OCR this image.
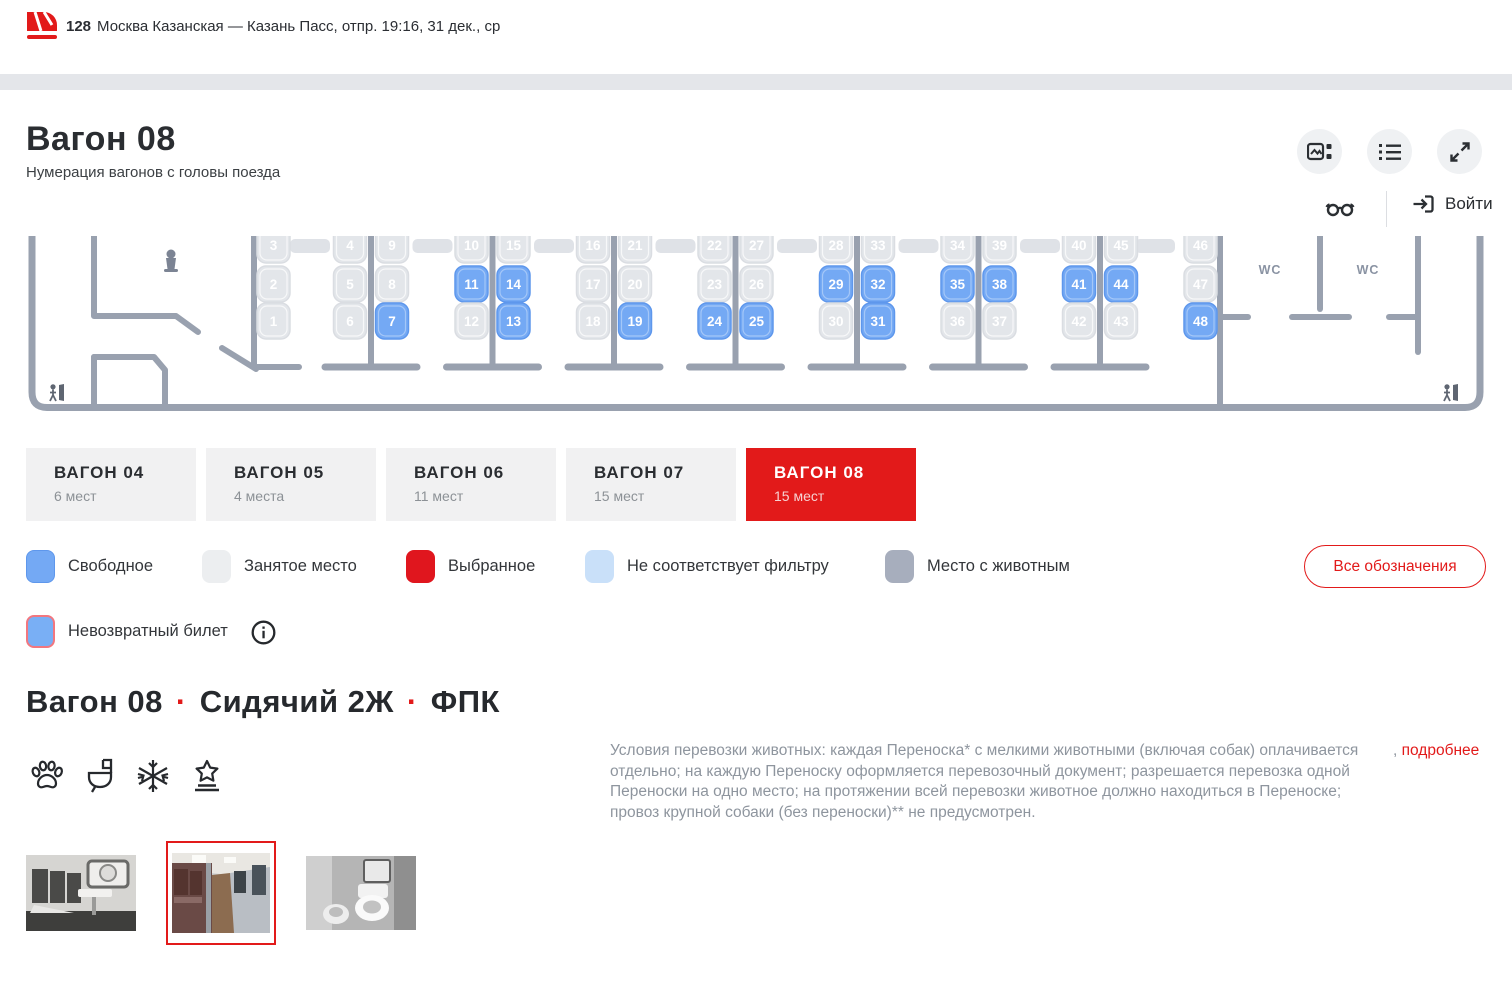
128 Москва Казанская — Казань Пасс, отпр. 19:16, 31 дек., ср
Вагон 08
Нумерация вагонов с головы поезда
Войти
3
2
1
4
5
6
9
8
7
10
11
12
15
14
13
16
17
18
21
20
19
22
23
24
27
26
25
28
29
30
33
32
31
34
35
36
39
38
37
40
41
42
45
44
43
46
47
48
WC	WC
ВАГОН 04
6 мест
ВАГОН 05
4 места
ВАГОН 06
11 мест
ВАГОН 07
15 мест
ВАГОН 08
15 мест
Свободное	Занятое место	Выбранное	Не соответствует фильтру	Место с животным	Все обозначения
Невозвратный билет
Вагон 08 · Сидячий 2Ж · ФПК
Условия перевозки животных: каждая Переноска* с мелкими животными (включая собак) оплачивается отдельно; на каждую Переноску оформляется перевозочный документ; разрешается перевозка одной Переноски на одно место; на протяжении всей перевозки животное должно находиться в Переноске; провоз крупной собаки (без переноски)** не предусмотрен.
, подробнее
